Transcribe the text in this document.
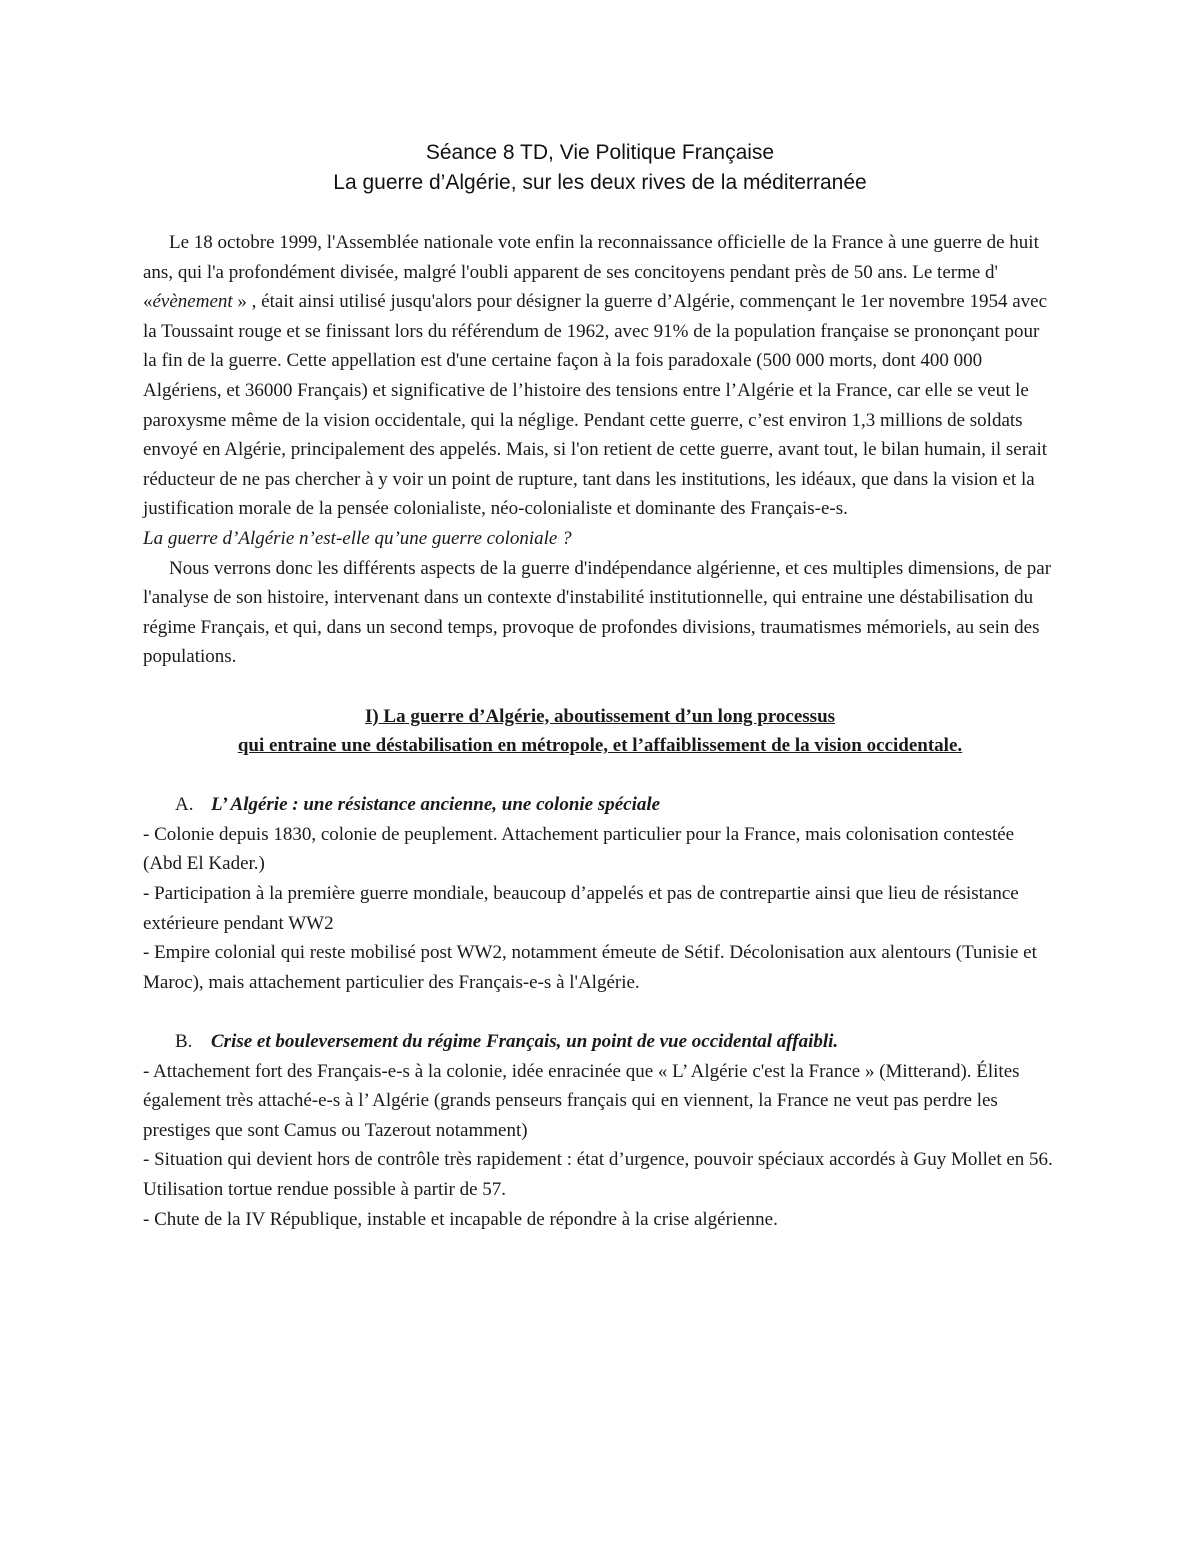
Séance 8 TD, Vie Politique Française
La guerre d’Algérie, sur les deux rives de la méditerranée

Le 18 octobre 1999, l'Assemblée nationale vote enfin la reconnaissance officielle de la France à une guerre de huit ans, qui l'a profondément divisée, malgré l'oubli apparent de ses concitoyens pendant près de 50 ans. Le terme d' «évènement » , était ainsi utilisé jusqu'alors pour désigner la guerre d’Algérie, commençant le 1er novembre 1954 avec la Toussaint rouge et se finissant lors du référendum de 1962, avec 91% de la population française se prononçant pour la fin de la guerre. Cette appellation est d'une certaine façon à la fois paradoxale (500 000 morts, dont 400 000 Algériens, et 36000 Français) et significative de l’histoire des tensions entre l’Algérie et la France, car elle se veut le paroxysme même de la vision occidentale, qui la néglige. Pendant cette guerre, c’est environ 1,3 millions de soldats envoyé en Algérie, principalement des appelés. Mais, si l'on retient de cette guerre, avant tout, le bilan humain, il serait réducteur de ne pas chercher à y voir un point de rupture, tant dans les institutions, les idéaux, que dans la vision et la justification morale de la pensée colonialiste, néo-colonialiste et dominante des Français-e-s.

La guerre d’Algérie n’est-elle qu’une guerre coloniale ?

Nous verrons donc les différents aspects de la guerre d'indépendance algérienne, et ces multiples dimensions, de par l'analyse de son histoire, intervenant dans un contexte d'instabilité institutionnelle, qui entraine une déstabilisation du régime Français, et qui, dans un second temps, provoque de profondes divisions, traumatismes mémoriels, au sein des populations.

I) La guerre d’Algérie, aboutissement d’un long processus

qui entraine une déstabilisation en métropole, et l’affaiblissement de la vision occidentale.

A. L’ Algérie : une résistance ancienne, une colonie spéciale

- Colonie depuis 1830, colonie de peuplement. Attachement particulier pour la France, mais colonisation contestée (Abd El Kader.)

- Participation à la première guerre mondiale, beaucoup d’appelés et pas de contrepartie ainsi que lieu de résistance extérieure pendant WW2

- Empire colonial qui reste mobilisé post WW2, notamment émeute de Sétif. Décolonisation aux alentours (Tunisie et Maroc), mais attachement particulier des Français-e-s à l'Algérie.

B. Crise et bouleversement du régime Français, un point de vue occidental affaibli.

- Attachement fort des Français-e-s à la colonie, idée enracinée que « L’ Algérie c'est la France » (Mitterand). Élites également très attaché-e-s à l’ Algérie (grands penseurs français qui en viennent, la France ne veut pas perdre les prestiges que sont Camus ou Tazerout notamment)

- Situation qui devient hors de contrôle très rapidement : état d’urgence, pouvoir spéciaux accordés à Guy Mollet en 56. Utilisation tortue rendue possible à partir de 57.

- Chute de la IV République, instable et incapable de répondre à la crise algérienne.
